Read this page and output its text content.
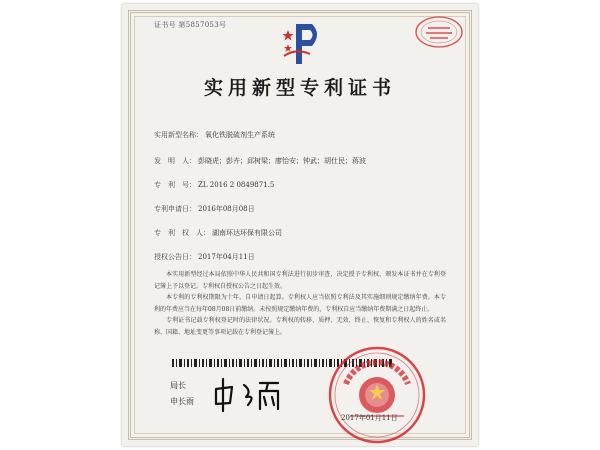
证书号 第5857053号
实用新型专利证书
实用新型名称： 氧化铁脱硫剂生产系统
发　明　人： 彭晓虎；彭卉；邱树梁；廖怡安；钟武；胡仕民；蒋波
专　利　号： ZL 2016 2 0849871.5
专利申请日： 2016年08月08日
专　利　权　人： 湖南环达环保有限公司
授权公告日： 2017年04月11日

本实用新型经过本局依照中华人民共和国专利法进行初步审查，决定授予专利权，颁发本证书并在专利登记簿上予以登记。专利权自授权公告之日起生效。

本专利的专利权期限为十年，自申请日起算。专利权人应当依照专利法及其实施细则规定缴纳年费。本专利的年费应当在每年08月08日前缴纳。未按照规定缴纳年费的，专利权自应当缴纳年费期满之日起终止。

专利证书记载专利权登记时的法律状况。专利权的转移、质押、无效、终止、恢复和专利权人的姓名或名称、国籍、地址变更等事项记载在专利登记簿上。

局长
申长雨
2017年01月11日
